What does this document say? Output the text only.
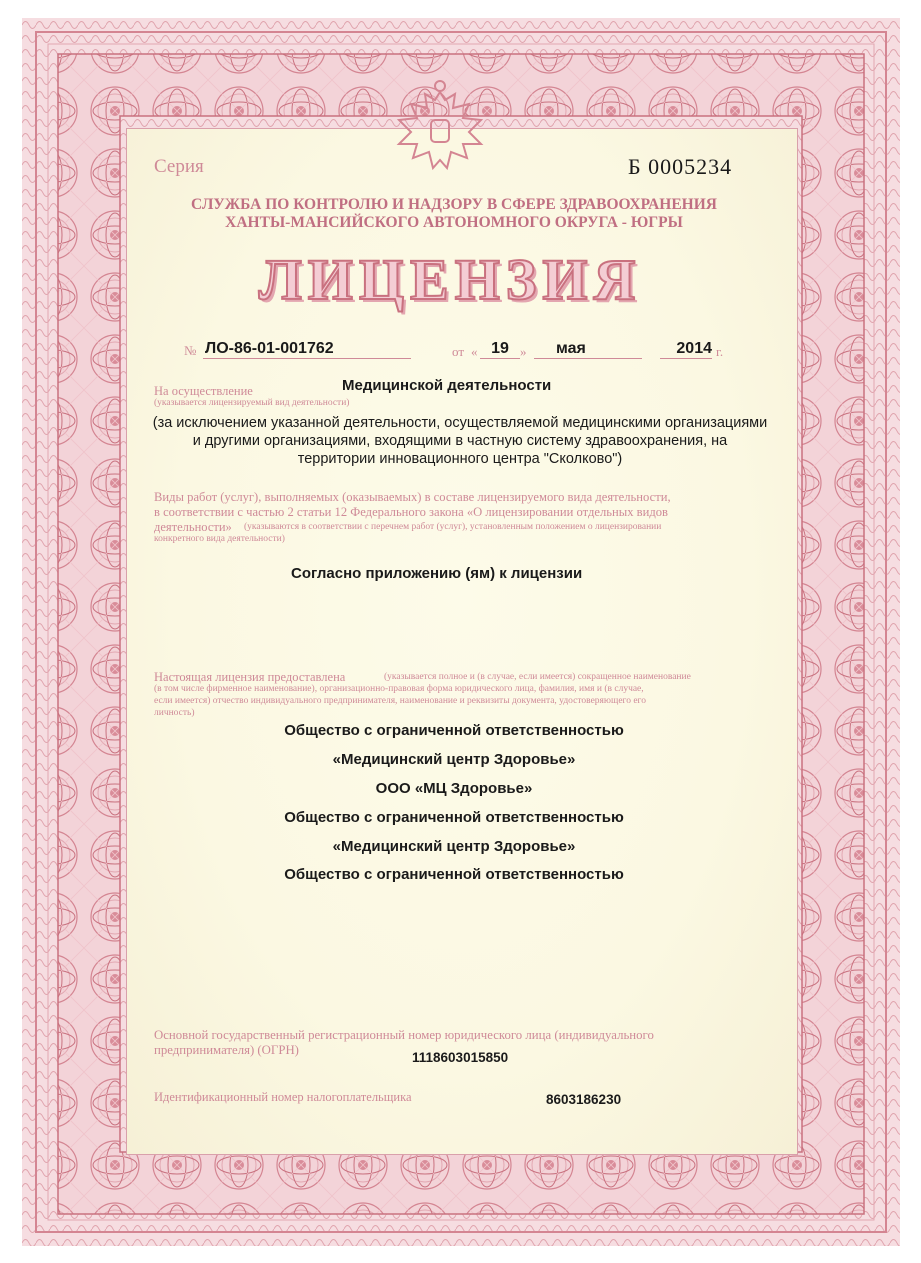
Серия	Б 0005234

СЛУЖБА ПО КОНТРОЛЮ И НАДЗОРУ В СФЕРЕ ЗДРАВООХРАНЕНИЯ

ХАНТЫ-МАНСИЙСКОГО АВТОНОМНОГО ОКРУГА - ЮГРЫ

ЛИЦЕНЗИЯ

№ ЛО-86-01-001762	от « 19 »	мая	2014 г.

На осуществление

(указывается лицензируемый вид деятельности)

Медицинской деятельности

(за исключением указанной деятельности, осуществляемой медицинскими организациями

и другими организациями, входящими в частную систему здравоохранения, на

территории инновационного центра "Сколково")

Виды работ (услуг), выполняемых (оказываемых) в составе лицензируемого вида деятельности,

в соответствии с частью 2 статьи 12 Федерального закона «О лицензировании отдельных видов

деятельности» (указываются в соответствии с перечнем работ (услуг), установленным положением о лицензировании

конкретного вида деятельности)

Согласно приложению (ям) к лицензии

Настоящая лицензия предоставлена	(указывается полное и (в случае, если имеется) сокращенное наименование

(в том числе фирменное наименование), организационно-правовая форма юридического лица, фамилия, имя и (в случае,

если имеется) отчество индивидуального предпринимателя, наименование и реквизиты документа, удостоверяющего его

личность)

Общество с ограниченной ответственностью

«Медицинский центр Здоровье»

ООО «МЦ Здоровье»

Общество с ограниченной ответственностью

«Медицинский центр Здоровье»

Общество с ограниченной ответственностью

Основной государственный регистрационный номер юридического лица (индивидуального

предпринимателя) (ОГРН)	1118603015850

Идентификационный номер налогоплательщика	8603186230
